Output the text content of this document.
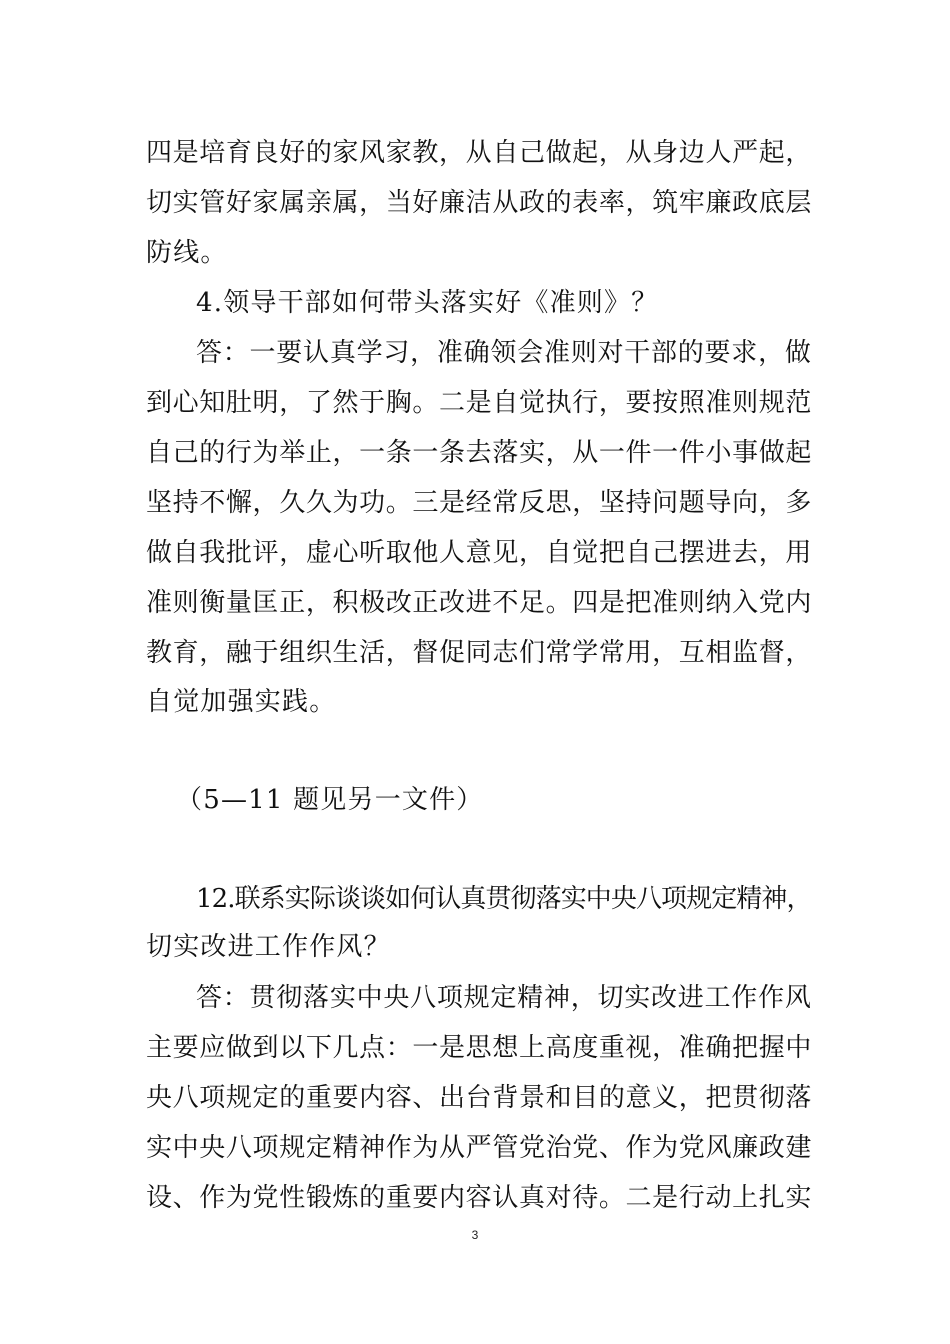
四是培育良好的家风家教，从自己做起，从身边人严起，
切实管好家属亲属，当好廉洁从政的表率，筑牢廉政底层
防线。
4.领导干部如何带头落实好《准则》？
答：一要认真学习，准确领会准则对干部的要求，做
到心知肚明，了然于胸。二是自觉执行，要按照准则规范
自己的行为举止，一条一条去落实，从一件一件小事做起
坚持不懈，久久为功。三是经常反思，坚持问题导向，多
做自我批评，虚心听取他人意见，自觉把自己摆进去，用
准则衡量匡正，积极改正改进不足。四是把准则纳入党内
教育，融于组织生活，督促同志们常学常用，互相监督，
自觉加强实践。
（5—11 题见另一文件）
12.联系实际谈谈如何认真贯彻落实中央八项规定精神，
切实改进工作作风？
答：贯彻落实中央八项规定精神，切实改进工作作风
主要应做到以下几点：一是思想上高度重视，准确把握中
央八项规定的重要内容、出台背景和目的意义，把贯彻落
实中央八项规定精神作为从严管党治党、作为党风廉政建
设、作为党性锻炼的重要内容认真对待。二是行动上扎实
3
